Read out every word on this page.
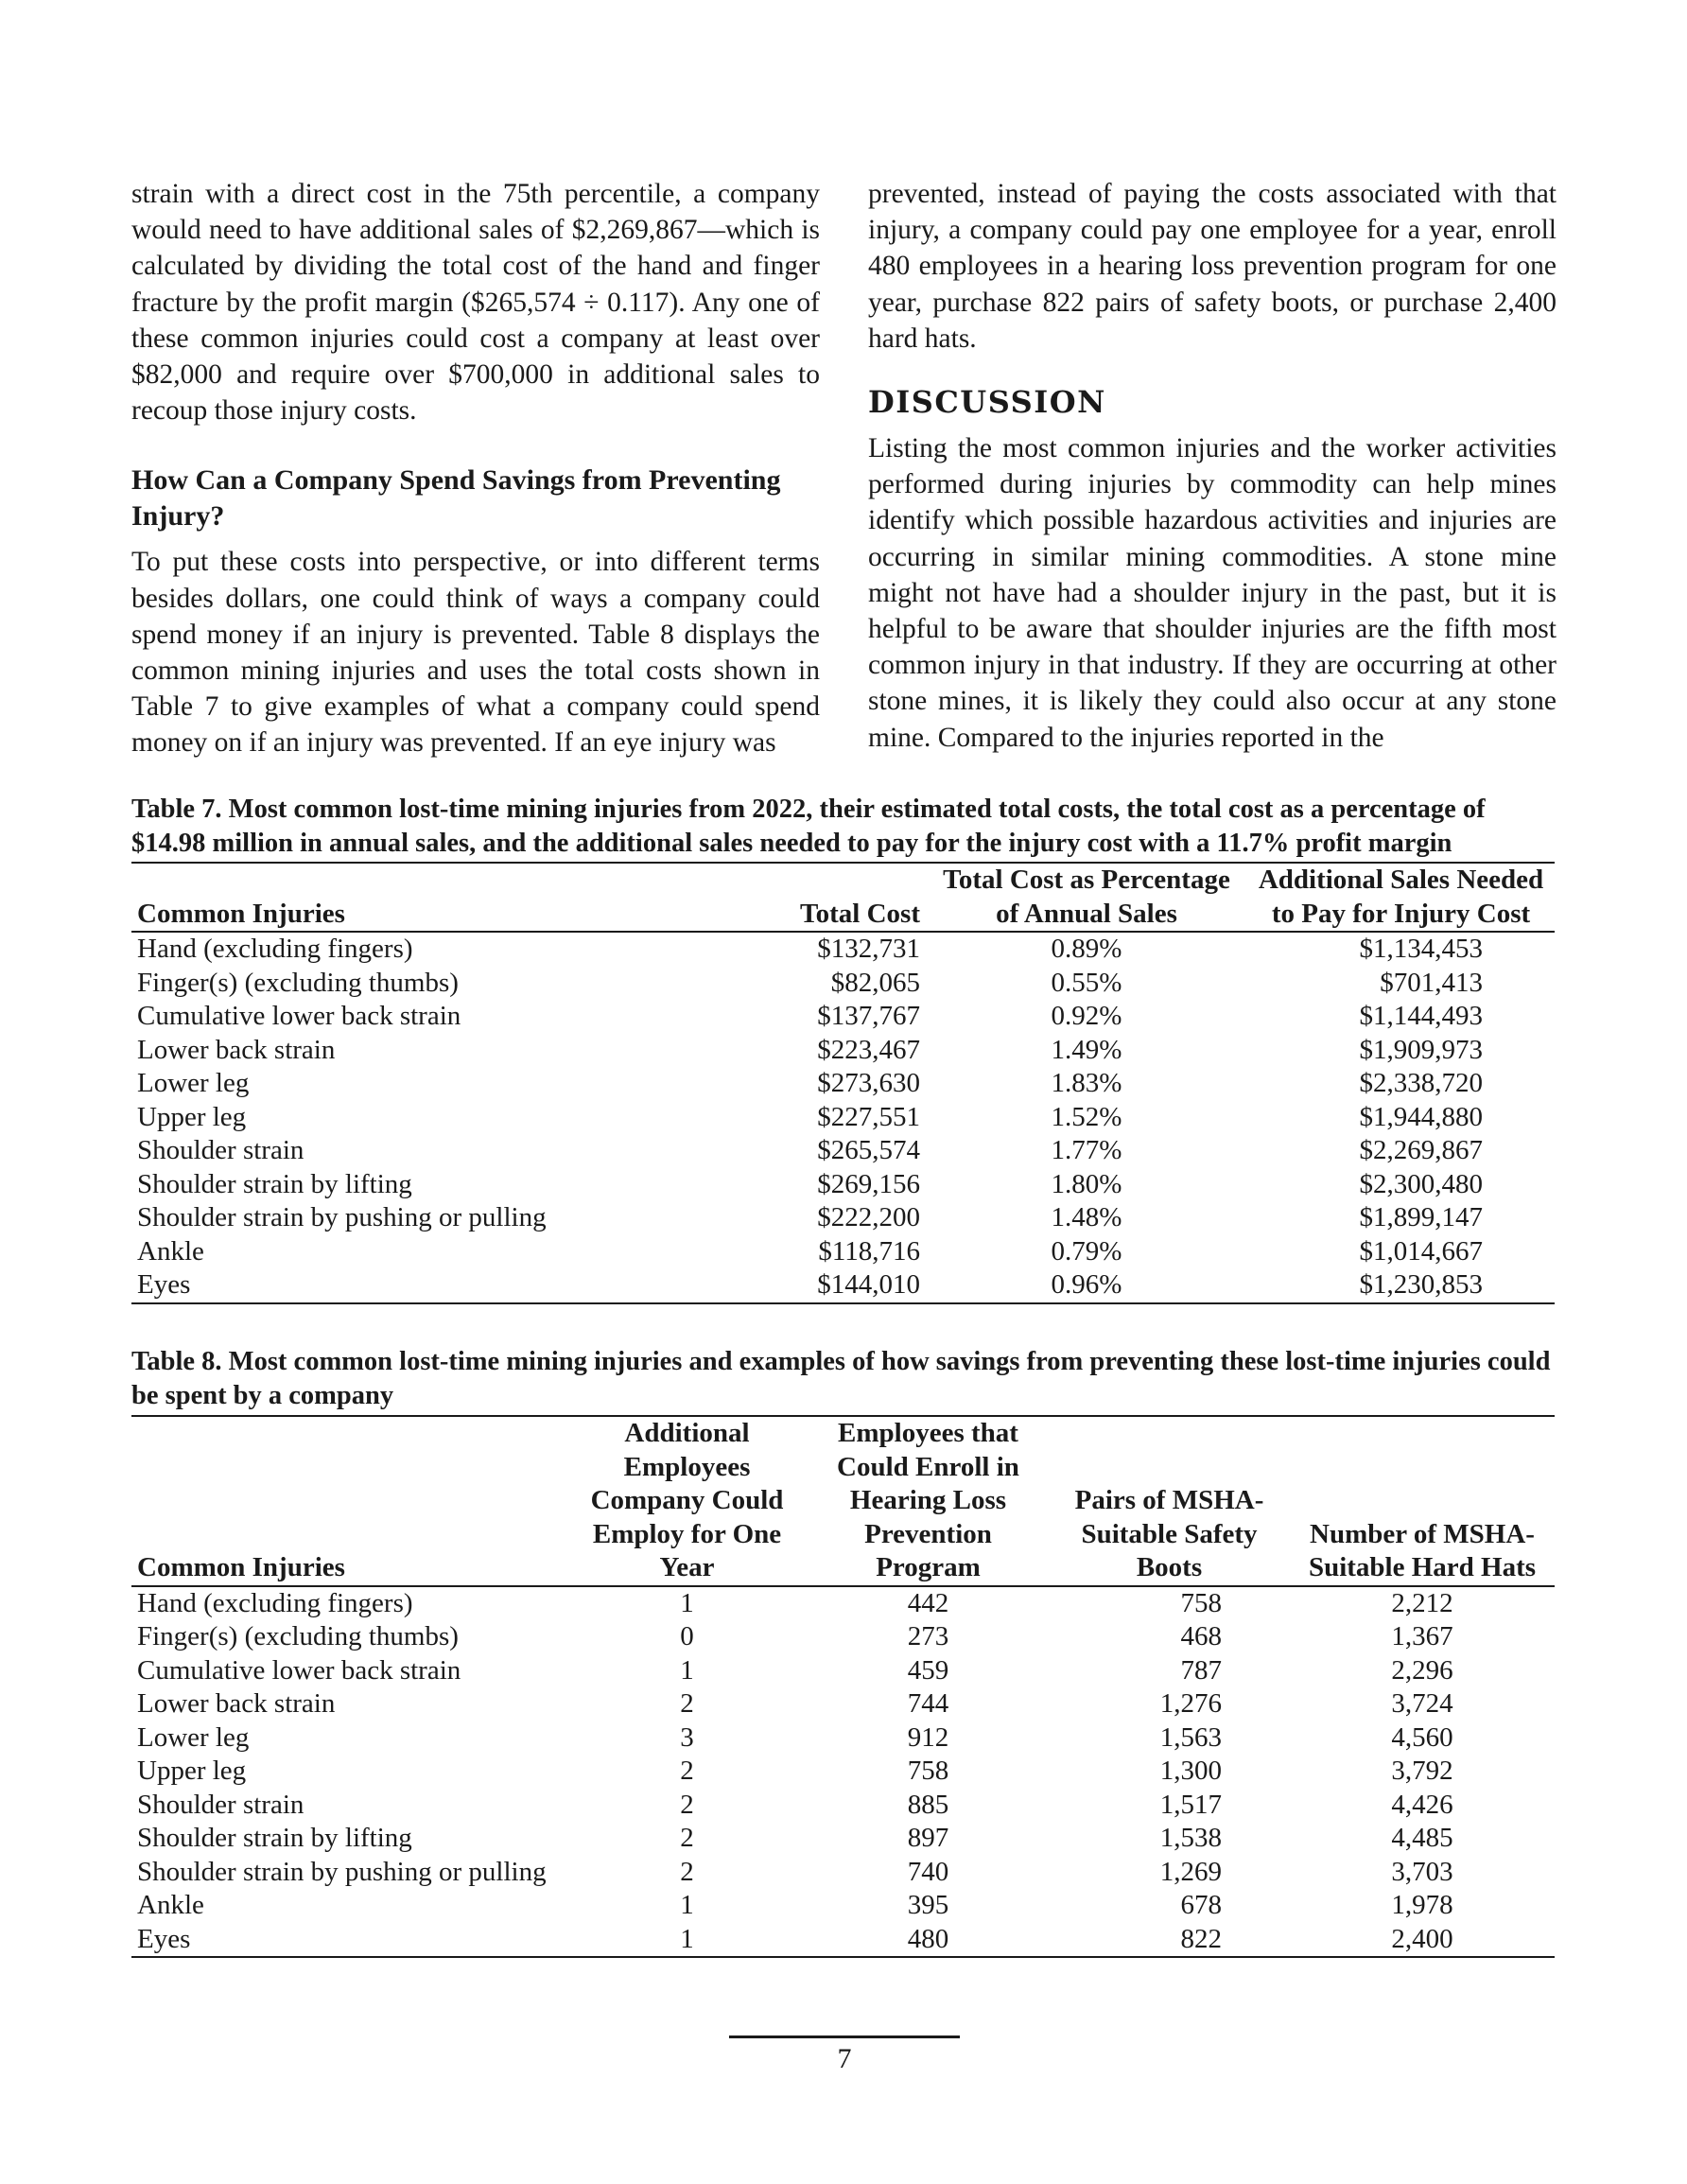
strain with a direct cost in the 75th percentile, a company would need to have additional sales of $2,269,867—which is calculated by dividing the total cost of the hand and finger fracture by the profit margin ($265,574 ÷ 0.117). Any one of these common injuries could cost a company at least over $82,000 and require over $700,000 in additional sales to recoup those injury costs.

How Can a Company Spend Savings from Preventing Injury?

To put these costs into perspective, or into different terms besides dollars, one could think of ways a company could spend money if an injury is prevented. Table 8 displays the common mining injuries and uses the total costs shown in Table 7 to give examples of what a company could spend money on if an injury was prevented. If an eye injury was

prevented, instead of paying the costs associated with that injury, a company could pay one employee for a year, enroll 480 employees in a hearing loss prevention program for one year, purchase 822 pairs of safety boots, or purchase 2,400 hard hats.

DISCUSSION

Listing the most common injuries and the worker activities performed during injuries by commodity can help mines identify which possible hazardous activities and injuries are occurring in similar mining commodities. A stone mine might not have had a shoulder injury in the past, but it is helpful to be aware that shoulder injuries are the fifth most common injury in that industry. If they are occurring at other stone mines, it is likely they could also occur at any stone mine. Compared to the injuries reported in the

Table 7. Most common lost-time mining injuries from 2022, their estimated total costs, the total cost as a percentage of $14.98 million in annual sales, and the additional sales needed to pay for the injury cost with a 11.7% profit margin
Common Injuries	Total Cost	Total Cost as Percentage of Annual Sales	Additional Sales Needed to Pay for Injury Cost
Hand (excluding fingers)	$132,731	0.89%	$1,134,453
Finger(s) (excluding thumbs)	$82,065	0.55%	$701,413
Cumulative lower back strain	$137,767	0.92%	$1,144,493
Lower back strain	$223,467	1.49%	$1,909,973
Lower leg	$273,630	1.83%	$2,338,720
Upper leg	$227,551	1.52%	$1,944,880
Shoulder strain	$265,574	1.77%	$2,269,867
Shoulder strain by lifting	$269,156	1.80%	$2,300,480
Shoulder strain by pushing or pulling	$222,200	1.48%	$1,899,147
Ankle	$118,716	0.79%	$1,014,667
Eyes	$144,010	0.96%	$1,230,853
Table 8. Most common lost-time mining injuries and examples of how savings from preventing these lost-time injuries could be spent by a company
Common Injuries	Additional Employees Company Could Employ for One Year	Employees that Could Enroll in Hearing Loss Prevention Program	Pairs of MSHA-Suitable Safety Boots	Number of MSHA-Suitable Hard Hats
Hand (excluding fingers)	1	442	758	2,212
Finger(s) (excluding thumbs)	0	273	468	1,367
Cumulative lower back strain	1	459	787	2,296
Lower back strain	2	744	1,276	3,724
Lower leg	3	912	1,563	4,560
Upper leg	2	758	1,300	3,792
Shoulder strain	2	885	1,517	4,426
Shoulder strain by lifting	2	897	1,538	4,485
Shoulder strain by pushing or pulling	2	740	1,269	3,703
Ankle	1	395	678	1,978
Eyes	1	480	822	2,400
7
